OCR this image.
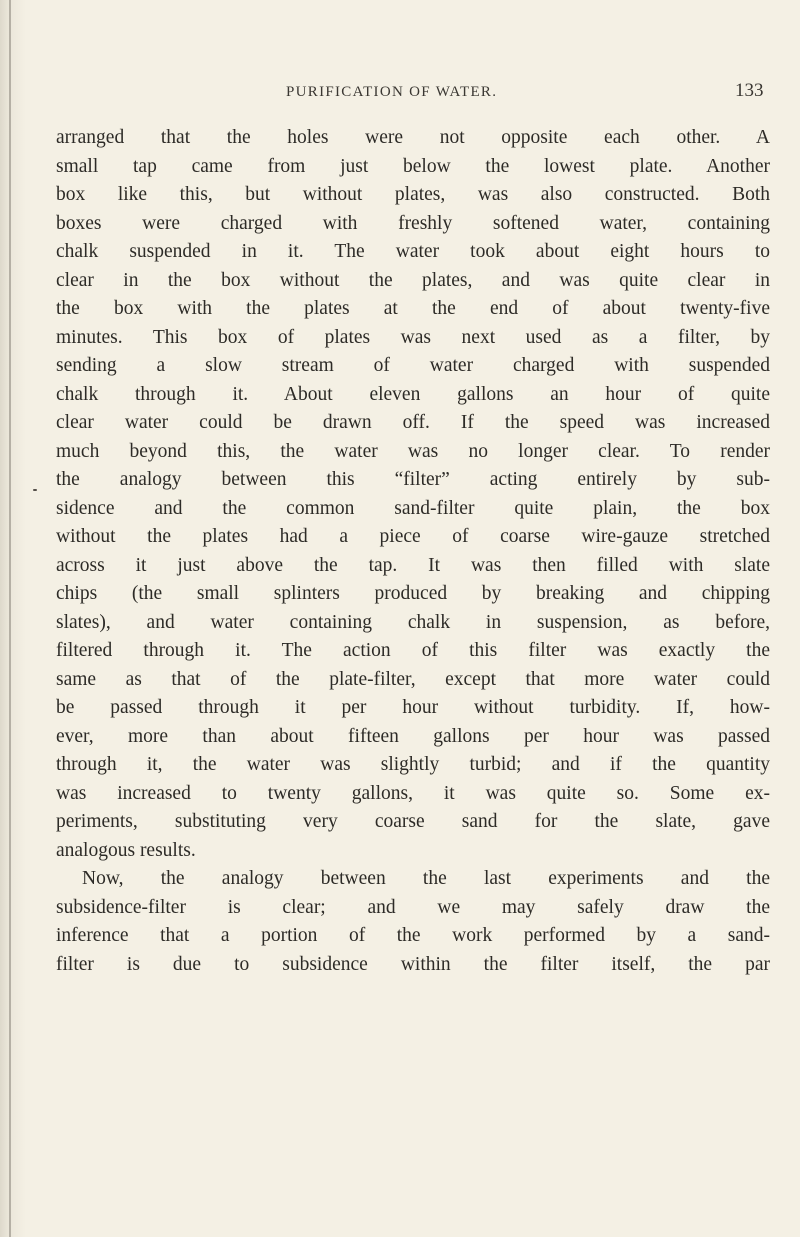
PURIFICATION OF WATER.	133
arranged that the holes were not opposite each other. A
small tap came from just below the lowest plate. Another
box like this, but without plates, was also constructed. Both
boxes were charged with freshly softened water, containing
chalk suspended in it. The water took about eight hours to
clear in the box without the plates, and was quite clear in
the box with the plates at the end of about twenty-five
minutes. This box of plates was next used as a filter, by
sending a slow stream of water charged with suspended
chalk through it. About eleven gallons an hour of quite
clear water could be drawn off. If the speed was increased
much beyond this, the water was no longer clear. To render
the analogy between this “filter” acting entirely by sub-
sidence and the common sand-filter quite plain, the box
without the plates had a piece of coarse wire-gauze stretched
across it just above the tap. It was then filled with slate
chips (the small splinters produced by breaking and chipping
slates), and water containing chalk in suspension, as before,
filtered through it. The action of this filter was exactly the
same as that of the plate-filter, except that more water could
be passed through it per hour without turbidity. If, how-
ever, more than about fifteen gallons per hour was passed
through it, the water was slightly turbid; and if the quantity
was increased to twenty gallons, it was quite so. Some ex-
periments, substituting very coarse sand for the slate, gave
analogous results.
Now, the analogy between the last experiments and the
subsidence-filter is clear; and we may safely draw the
inference that a portion of the work performed by a sand-
filter is due to subsidence within the filter itself, the par
